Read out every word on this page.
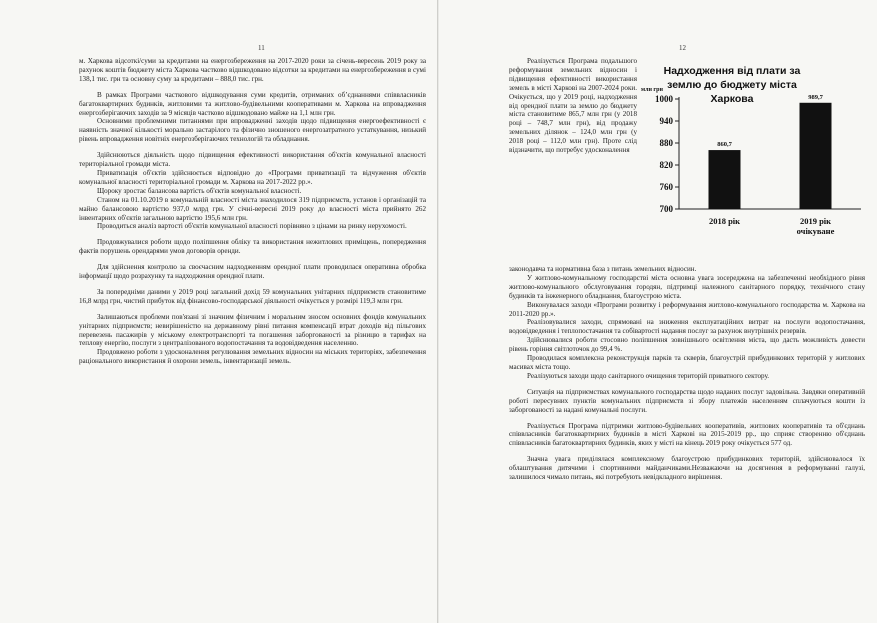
11

м. Харкова відсоткі/суми за кредитами на енергозбереження на 2017-2020 роки за січень-вересень 2019 року за рахунок коштів бюджету міста Харкова частково відшкодовано відсотки за кредитами на енергозбереження в сумі 138,1 тис. грн та основну суму за кредитами – 888,0 тис. грн.

В рамках Програми часткового відшкодування суми кредитів, отриманих об’єднаннями співвласників багатоквартирних будинків, житловими та житлово-будівельними кооперативами м. Харкова на впровадження енергозберігаючих заходів за 9 місяців частково відшкодовано майже на 1,1 млн грн.

Основними проблемними питаннями при впровадженні заходів щодо підвищення енергоефективності є наявність значної кількості морально застарілого та фізично зношеного енергозатратного устаткування, низький рівень впровадження новітніх енергозберігаючих технологій та обладнання.

Здійснюються діяльність щодо підвищення ефективності використання об'єктів комунальної власності територіальної громади міста.

Приватизація об'єктів здійснюється відповідно до «Програми приватизації та відчуження об'єктів комунальної власності територіальної громади м. Харкова на 2017-2022 рр.».

Щороку зростає балансова вартість об'єктів комунальної власності.

Станом на 01.10.2019 в комунальній власності міста знаходилося 319 підприємств, установ і організацій та майно балансовою вартістю 937,0 млрд грн. У січні-вересні 2019 року до власності міста прийнято 262 інвентарних об'єктів загальною вартістю 195,6 млн грн.

Проводиться аналіз вартості об'єктів комунальної власності порівняно з цінами на ринку нерухомості.

Продовжувалися роботи щодо поліпшення обліку та використання нежитлових приміщень, попередження фактів порушень орендарями умов договорів оренди.

Для здійснення контролю за своєчасним надходженням орендної плати проводилася оперативна обробка інформації щодо розрахунку та надходження орендної плати.

За попередніми даними у 2019 році загальний дохід 59 комунальних унітарних підприємств становитиме 16,8 млрд грн, чистий прибуток від фінансово-господарської діяльності очікується у розмірі 119,3 млн грн.

Залишаються проблеми пов'язані зі значним фізичним і моральним зносом основних фондів комунальних унітарних підприємств; невирішеністю на державному рівні питання компенсації втрат доходів від пільгових перевезень пасажирів у міському електротранспорті та погашення заборгованості за різницю в тарифах на теплову енергію, послуги з централізованого водопостачання та водовідведення населенню.

Продовжено роботи з удосконалення регулювання земельних відносин на міських територіях, забезпечення раціонального використання й охорони земель, інвентаризації земель.

12

Реалізується Програма подальшого реформування земельних відносин і підвищення ефективності використання земель в місті Харкові на 2007-2024 роки. Очікується, що у 2019 році, надходження від орендної плати за землю до бюджету міста становитиме 865,7 млн грн (у 2018 році – 748,7 млн грн), від продажу земельних ділянок – 124,0 млн грн (у 2018 році – 112,0 млн грн). Проте слід відзначити, що потребує удосконалення

Надходження від плати за землю до бюджету міста Харкова
млн грн
700
760
820
880
940
1000
860,7
2018 рік
989,7
2019 рік
очікуване

законодавча та нормативна база з питань земельних відносин.

У житлово-комунальному господарстві міста основна увага зосереджена на забезпеченні необхідного рівня житлово-комунального обслуговування городян, підтримці належного санітарного порядку, технічного стану будинків та інженерного обладнання, благоустрою міста.

Виконувалася заходи «Програми розвитку і реформування житлово-комунального господарства м. Харкова на 2011-2020 рр.».

Реалізовувалися заходи, спрямовані на зниження експлуатаційних витрат на послуги водопостачання, водовідведення і теплопостачання та собівартості надання послуг за рахунок внутрішніх резервів.

Здійснювалися роботи стосовно поліпшення зовнішнього освітлення міста, що дасть можливість довести рівень горіння світлоточок до 99,4 %.

Проводилася комплексна реконструкція парків та скверів, благоустрій прибудинкових територій у житлових масивах міста тощо.

Реалізуються заходи щодо санітарного очищення територій приватного сектору.

Ситуація на підприємствах комунального господарства щодо наданих послуг задовільна. Завдяки оперативній роботі пересувних пунктів комунальних підприємств зі збору платежів населенням сплачуються кошти із заборгованості за надані комунальні послуги.

Реалізується Програма підтримки житлово-будівельних кооперативів, житлових кооперативів та об'єднань співвласників багатоквартирних будинків в місті Харкові на 2015-2019 рр., що сприяє створенню об'єднань співвласників багатоквартирних будинків, яких у місті на кінець 2019 року очікується 577 од.

Значна увага приділялася комплексному благоустрою прибудинкових територій, здійснювалося їх облаштування дитячими і спортивними майданчиками.Незважаючи на досягнення в реформуванні галузі, залишилося чимало питань, які потребують невідкладного вирішення.
